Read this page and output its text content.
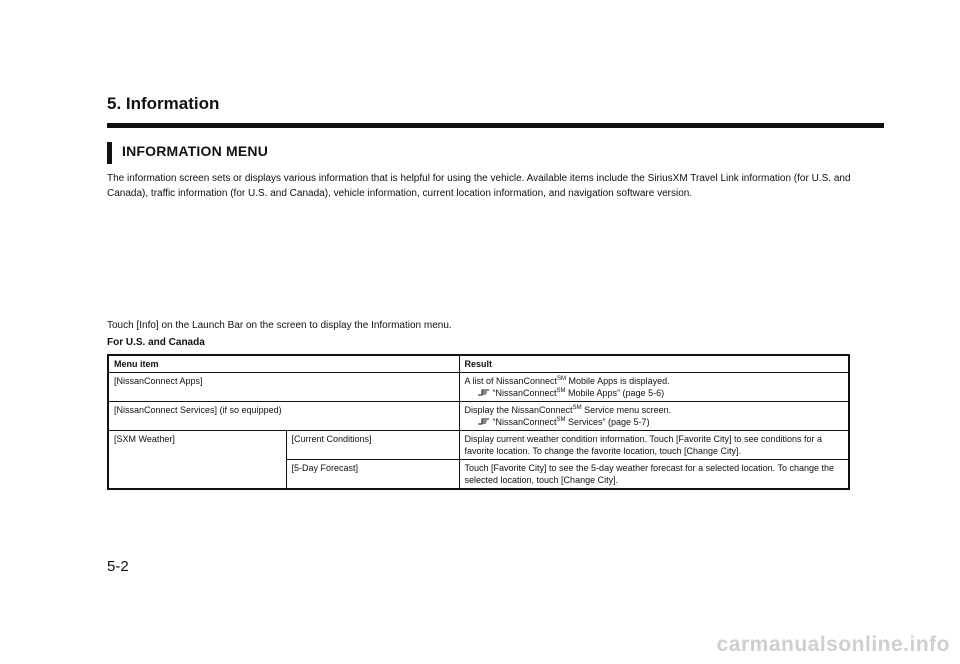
5. Information
INFORMATION MENU

The information screen sets or displays various information that is helpful for using the vehicle. Available items include the SiriusXM Travel Link information (for U.S. and Canada), traffic information (for U.S. and Canada), vehicle information, current location information, and navigation software version.

Touch [Info] on the Launch Bar on the screen to display the Information menu.

For U.S. and Canada

Menu item		Result
[NissanConnect Apps]		A list of NissanConnect℠ Mobile Apps is displayed.
“NissanConnect℠ Mobile Apps” (page 5-6)

[NissanConnect Services] (if so equipped)		Display the NissanConnect℠ Service menu screen.
“NissanConnect℠ Services” (page 5-7)

[SXM Weather]	[Current Conditions]	Display current weather condition information. Touch [Favorite City] to see conditions for a favorite location. To change the favorite location, touch [Change City].
	[5-Day Forecast]	Touch [Favorite City] to see the 5-day weather forecast for a selected location. To change the selected location, touch [Change City].

5-2

carmanualsonline.info
